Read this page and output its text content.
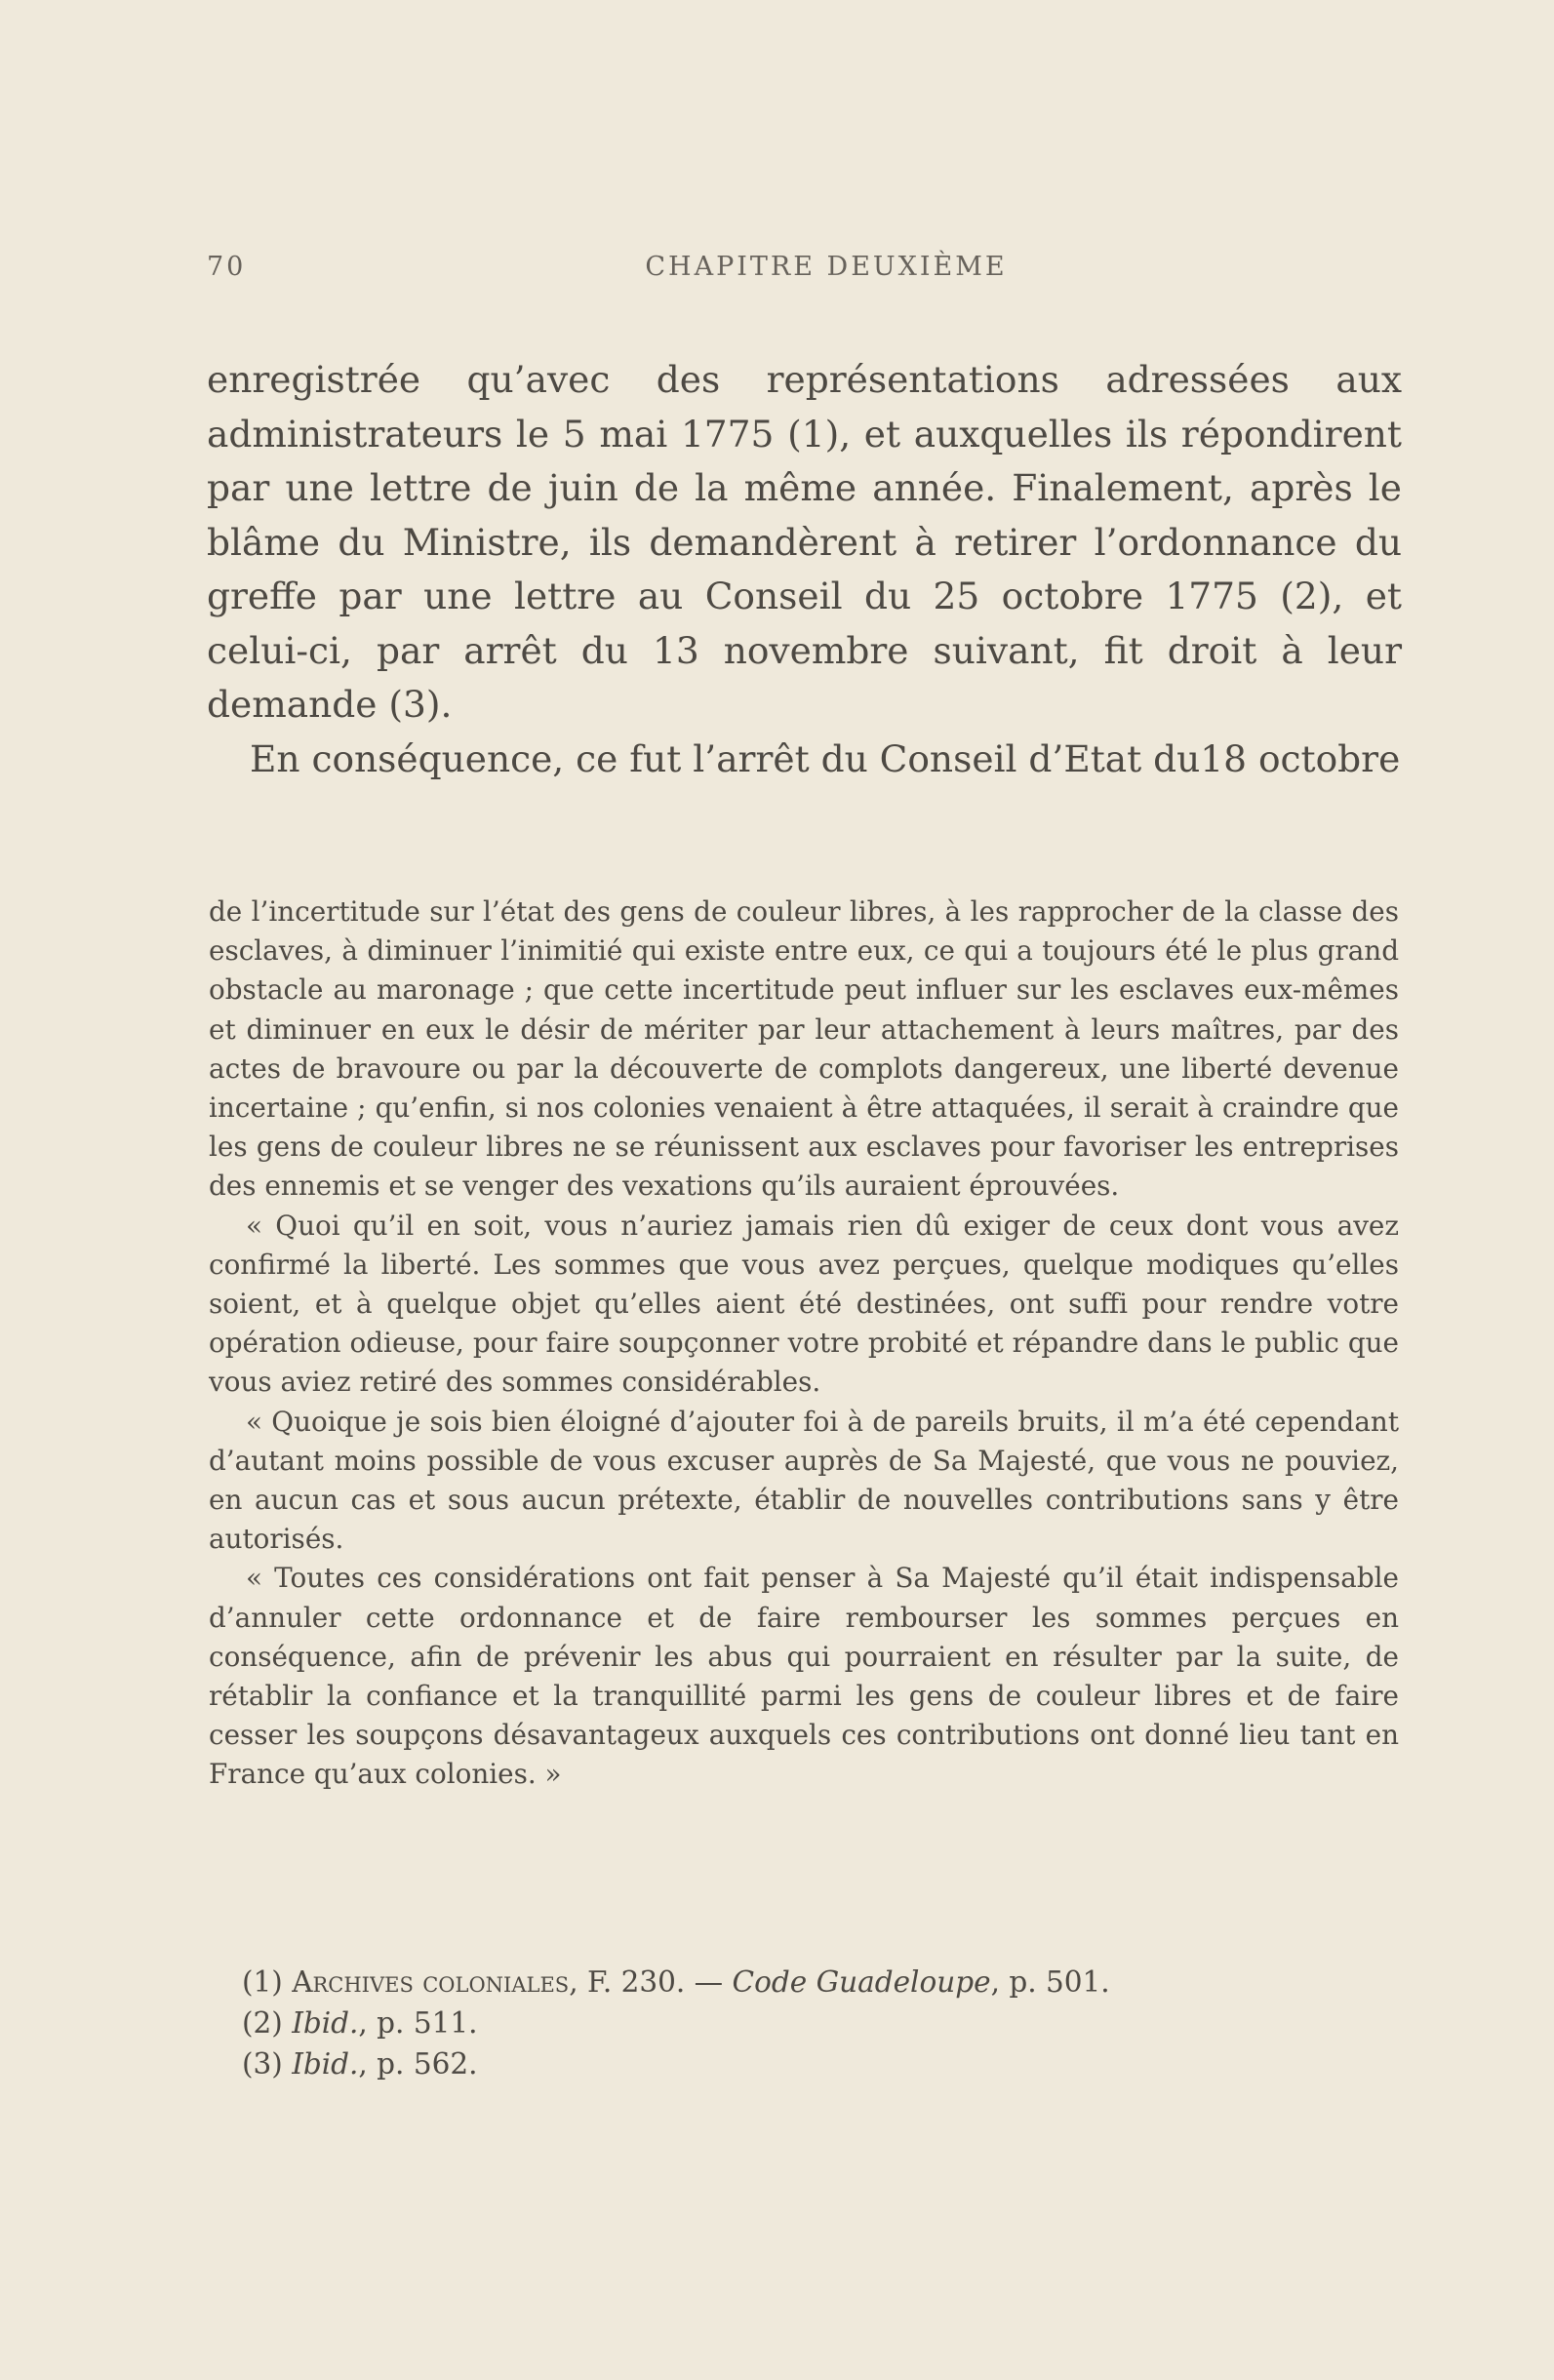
70	CHAPITRE DEUXIÈME

enregistrée qu’avec des représentations adressées aux administrateurs le 5 mai 1775 (1), et auxquelles ils répondirent par une lettre de juin de la même année. Finalement, après le blâme du Ministre, ils demandèrent à retirer l’ordonnance du greffe par une lettre au Conseil du 25 octobre 1775 (2), et celui-ci, par arrêt du 13 novembre suivant, fit droit à leur demande (3).

En conséquence, ce fut l’arrêt du Conseil d’Etat du18 octobre

de l’incertitude sur l’état des gens de couleur libres, à les rapprocher de la classe des esclaves, à diminuer l’inimitié qui existe entre eux, ce qui a toujours été le plus grand obstacle au maronage ; que cette incertitude peut influer sur les esclaves eux-mêmes et diminuer en eux le désir de mériter par leur attachement à leurs maîtres, par des actes de bravoure ou par la découverte de complots dangereux, une liberté devenue incertaine ; qu’enfin, si nos colonies venaient à être attaquées, il serait à craindre que les gens de couleur libres ne se réunissent aux esclaves pour favoriser les entreprises des ennemis et se venger des vexations qu’ils auraient éprouvées.

« Quoi qu’il en soit, vous n’auriez jamais rien dû exiger de ceux dont vous avez confirmé la liberté. Les sommes que vous avez perçues, quelque modiques qu’elles soient, et à quelque objet qu’elles aient été destinées, ont suffi pour rendre votre opération odieuse, pour faire soupçonner votre probité et répandre dans le public que vous aviez retiré des sommes considérables.

« Quoique je sois bien éloigné d’ajouter foi à de pareils bruits, il m’a été cependant d’autant moins possible de vous excuser auprès de Sa Majesté, que vous ne pouviez, en aucun cas et sous aucun prétexte, établir de nouvelles contributions sans y être autorisés.

« Toutes ces considérations ont fait penser à Sa Majesté qu’il était indispensable d’annuler cette ordonnance et de faire rembourser les sommes perçues en conséquence, afin de prévenir les abus qui pourraient en résulter par la suite, de rétablir la confiance et la tranquillité parmi les gens de couleur libres et de faire cesser les soupçons désavantageux auxquels ces contributions ont donné lieu tant en France qu’aux colonies. »

(1) Archives coloniales, F. 230. — Code Guadeloupe, p. 501.
(2) Ibid., p. 511.
(3) Ibid., p. 562.
